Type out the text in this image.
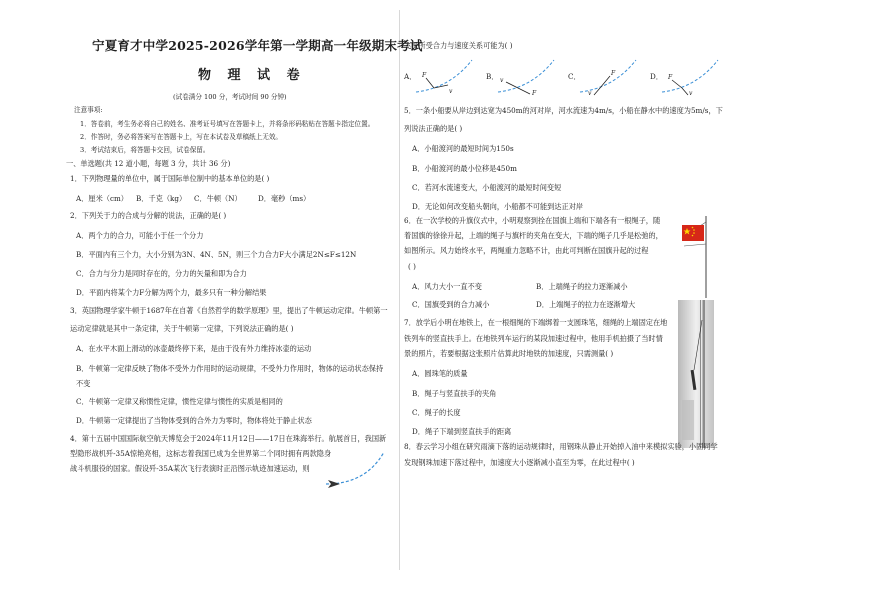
宁夏育才中学2025-2026学年第一学期高一年级期末考试
物 理 试 卷
(试卷满分 100 分，考试时间 90 分钟)
注意事项:
1．答卷前，考生务必将自己的姓名、准考证号填写在答题卡上，并将条形码粘贴在答题卡指定位置。
2．作答时，务必将答案写在答题卡上，写在本试卷及草稿纸上无效。
3．考试结束后，将答题卡交回，试卷保留。
一、单选题(共 12 道小题，每题 3 分，共计 36 分)
1．下列物理量的单位中，属于国际单位制中的基本单位的是( )
A．厘米（cm） B．千克（kg） C．牛顿（N） D．毫秒（ms）
2．下列关于力的合成与分解的说法，正确的是( )
A．两个力的合力，可能小于任一个分力
B．平面内有三个力，大小分别为3N、4N、5N，则三个力合力F大小满足2N≤F≤12N
C．合力与分力是同时存在的，分力的矢量和即为合力
D．平面内将某个力F分解为两个力，最多只有一种分解结果
3．英国物理学家牛顿于1687年在自著《自然哲学的数学原理》里，提出了牛顿运动定律。牛顿第一
运动定律就是其中一条定律，关于牛顿第一定律，下列说法正确的是( )
A．在水平木面上滑动的冰壶最终停下来，是由于没有外力维持冰壶的运动
B．牛顿第一定律反映了物体不受外力作用时的运动规律，不受外力作用时，物体的运动状态保持
不变
C．牛顿第一定律又称惯性定律，惯性定律与惯性的实质是相同的
D．牛顿第一定律提出了当物体受到的合外力为零时，物体将处于静止状态
4．第十五届中国国际航空航天博览会于2024年11月12日——17日在珠海举行。航展首日，我国新
型隐形战机歼-35A惊艳亮相，这标志着我国已成为全世界第二个同时拥有两款隐身
战斗机服役的国家。假设歼-35A某次飞行表演时正沿图示轨迹加速运动，则
飞机所受合力与速度关系可能为( )
A． F
v
B． v
F
C．	F
v
D． F
v
5．一条小船要从岸边到达宽为450m的河对岸，河水流速为4m/s，小船在静水中的速度为5m/s，下
列说法正确的是( )
A．小船渡河的最短时间为150s
B．小船渡河的最小位移是450m
C．若河水流速变大，小船渡河的最短时间变短
D．无论如何改变船头朝向，小船都不可能到达正对岸
6．在一次学校的升旗仪式中，小明观察到拴在国旗上端和下端各有一根绳子，随
着国旗的徐徐升起，上端的绳子与旗杆的夹角在变大，下端的绳子几乎是松弛的，
如图所示。风力始终水平，两绳重力忽略不计，由此可判断在国旗升起的过程
( )
A．风力大小一直不变	B．上端绳子的拉力逐渐减小
C．国旗受到的合力减小	D．上端绳子的拉力在逐渐增大
7．放学后小明在地铁上，在一根细绳的下端绑着一支圆珠笔，细绳的上端固定在地
铁列车的竖直扶手上。在地铁列车运行的某段加速过程中，他用手机拍摄了当时情
景的照片，若要根据这张照片估算此时地铁的加速度，只需测量( )
A．圆珠笔的质量
B．绳子与竖直扶手的夹角
C．绳子的长度
D．绳子下端到竖直扶手的距离
8．春云学习小组在研究雨滴下落的运动规律时，用钢珠从静止开始掉入油中来模拟实验，小固同学
发现钢珠加速下落过程中，加速度大小逐渐减小直至为零，在此过程中( )
